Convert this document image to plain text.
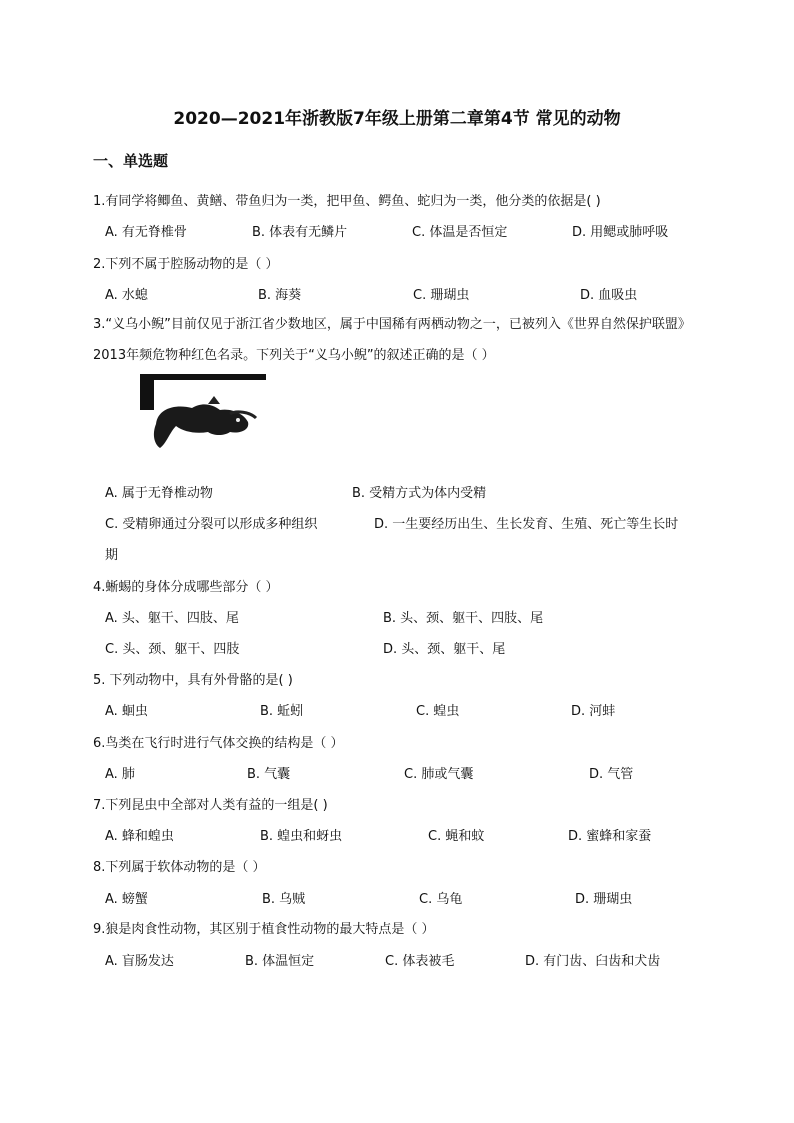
2020—2021年浙教版7年级上册第二章第4节 常见的动物
一、单选题
1.有同学将鲫鱼、黄鳝、带鱼归为一类，把甲鱼、鳄鱼、蛇归为一类，他分类的依据是( )
A. 有无脊椎骨	B. 体表有无鳞片	C. 体温是否恒定	D. 用鳃或肺呼吸
2.下列不属于腔肠动物的是（ ）
A. 水螅	B. 海葵	C. 珊瑚虫	D. 血吸虫
3.“义乌小鲵”目前仅见于浙江省少数地区，属于中国稀有两栖动物之一，已被列入《世界自然保护联盟》2013年频危物种红色名录。下列关于“义乌小鲵”的叙述正确的是（ ）
A. 属于无脊椎动物	B. 受精方式为体内受精
C. 受精卵通过分裂可以形成多种组织	D. 一生要经历出生、生长发育、生殖、死亡等生长时
期
4.蜥蜴的身体分成哪些部分（ ）
A. 头、躯干、四肢、尾	B. 头、颈、躯干、四肢、尾
C. 头、颈、躯干、四肢	D. 头、颈、躯干、尾
5. 下列动物中，具有外骨骼的是( )
A. 蛔虫	B. 蚯蚓	C. 蝗虫	D. 河蚌
6.鸟类在飞行时进行气体交换的结构是（ ）
A. 肺	B. 气囊	C. 肺或气囊	D. 气管
7.下列昆虫中全部对人类有益的一组是( )
A. 蜂和蝗虫	B. 蝗虫和蚜虫	C. 蝇和蚊	D. 蜜蜂和家蚕
8.下列属于软体动物的是（ ）
A. 螃蟹	B. 乌贼	C. 乌龟	D. 珊瑚虫
9.狼是肉食性动物，其区别于植食性动物的最大特点是（ ）
A. 盲肠发达	B. 体温恒定	C. 体表被毛	D. 有门齿、臼齿和犬齿
